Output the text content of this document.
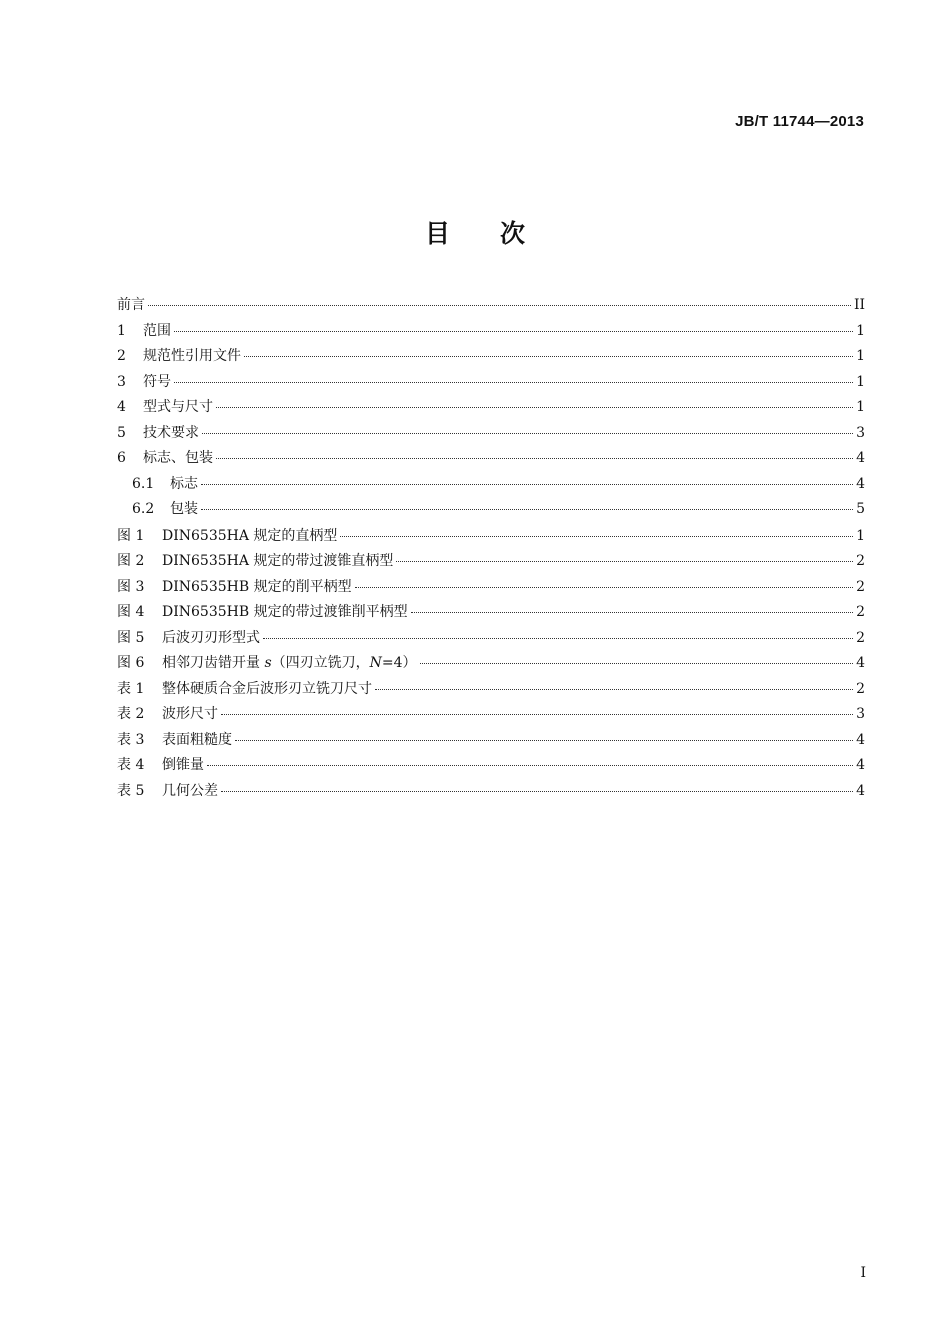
JB/T 11744—2013
目 次
前言	II
1	范围	1
2	规范性引用文件	1
3	符号	1
4	型式与尺寸	1
5	技术要求	3
6	标志、包装	4
6.1	标志	4
6.2	包装	5
图 1	DIN6535HA 规定的直柄型	1
图 2	DIN6535HA 规定的带过渡锥直柄型	2
图 3	DIN6535HB 规定的削平柄型	2
图 4	DIN6535HB 规定的带过渡锥削平柄型	2
图 5	后波刃刃形型式	2
图 6	相邻刀齿错开量 s（四刃立铣刀，N=4）	4
表 1	整体硬质合金后波形刃立铣刀尺寸	2
表 2	波形尺寸	3
表 3	表面粗糙度	4
表 4	倒锥量	4
表 5	几何公差	4
I
